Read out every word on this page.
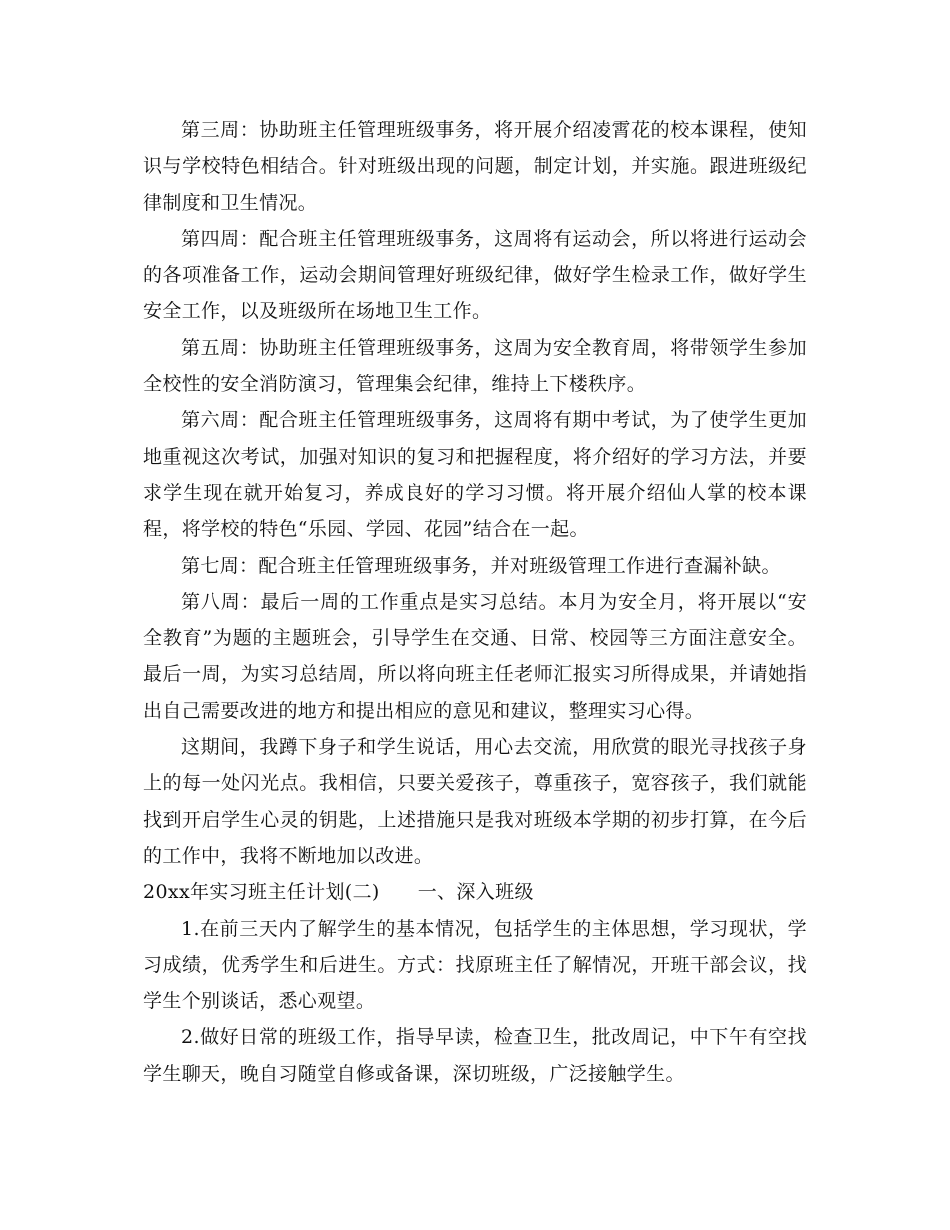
第三周：协助班主任管理班级事务，将开展介绍凌霄花的校本课程，使知识与学校特色相结合。针对班级出现的问题，制定计划，并实施。跟进班级纪律制度和卫生情况。

第四周：配合班主任管理班级事务，这周将有运动会，所以将进行运动会的各项准备工作，运动会期间管理好班级纪律，做好学生检录工作，做好学生安全工作，以及班级所在场地卫生工作。

第五周：协助班主任管理班级事务，这周为安全教育周，将带领学生参加全校性的安全消防演习，管理集会纪律，维持上下楼秩序。

第六周：配合班主任管理班级事务，这周将有期中考试，为了使学生更加地重视这次考试，加强对知识的复习和把握程度，将介绍好的学习方法，并要求学生现在就开始复习，养成良好的学习习惯。将开展介绍仙人掌的校本课程，将学校的特色“乐园、学园、花园”结合在一起。

第七周：配合班主任管理班级事务，并对班级管理工作进行查漏补缺。

第八周：最后一周的工作重点是实习总结。本月为安全月，将开展以“安全教育”为题的主题班会，引导学生在交通、日常、校园等三方面注意安全。最后一周，为实习总结周，所以将向班主任老师汇报实习所得成果，并请她指出自己需要改进的地方和提出相应的意见和建议，整理实习心得。

这期间，我蹲下身子和学生说话，用心去交流，用欣赏的眼光寻找孩子身上的每一处闪光点。我相信，只要关爱孩子，尊重孩子，宽容孩子，我们就能找到开启学生心灵的钥匙，上述措施只是我对班级本学期的初步打算，在今后的工作中，我将不断地加以改进。

20xx年实习班主任计划(二) 一、深入班级

1.在前三天内了解学生的基本情况，包括学生的主体思想，学习现状，学习成绩，优秀学生和后进生。方式：找原班主任了解情况，开班干部会议，找学生个别谈话，悉心观望。

2.做好日常的班级工作，指导早读，检查卫生，批改周记，中下午有空找学生聊天，晚自习随堂自修或备课，深切班级，广泛接触学生。
